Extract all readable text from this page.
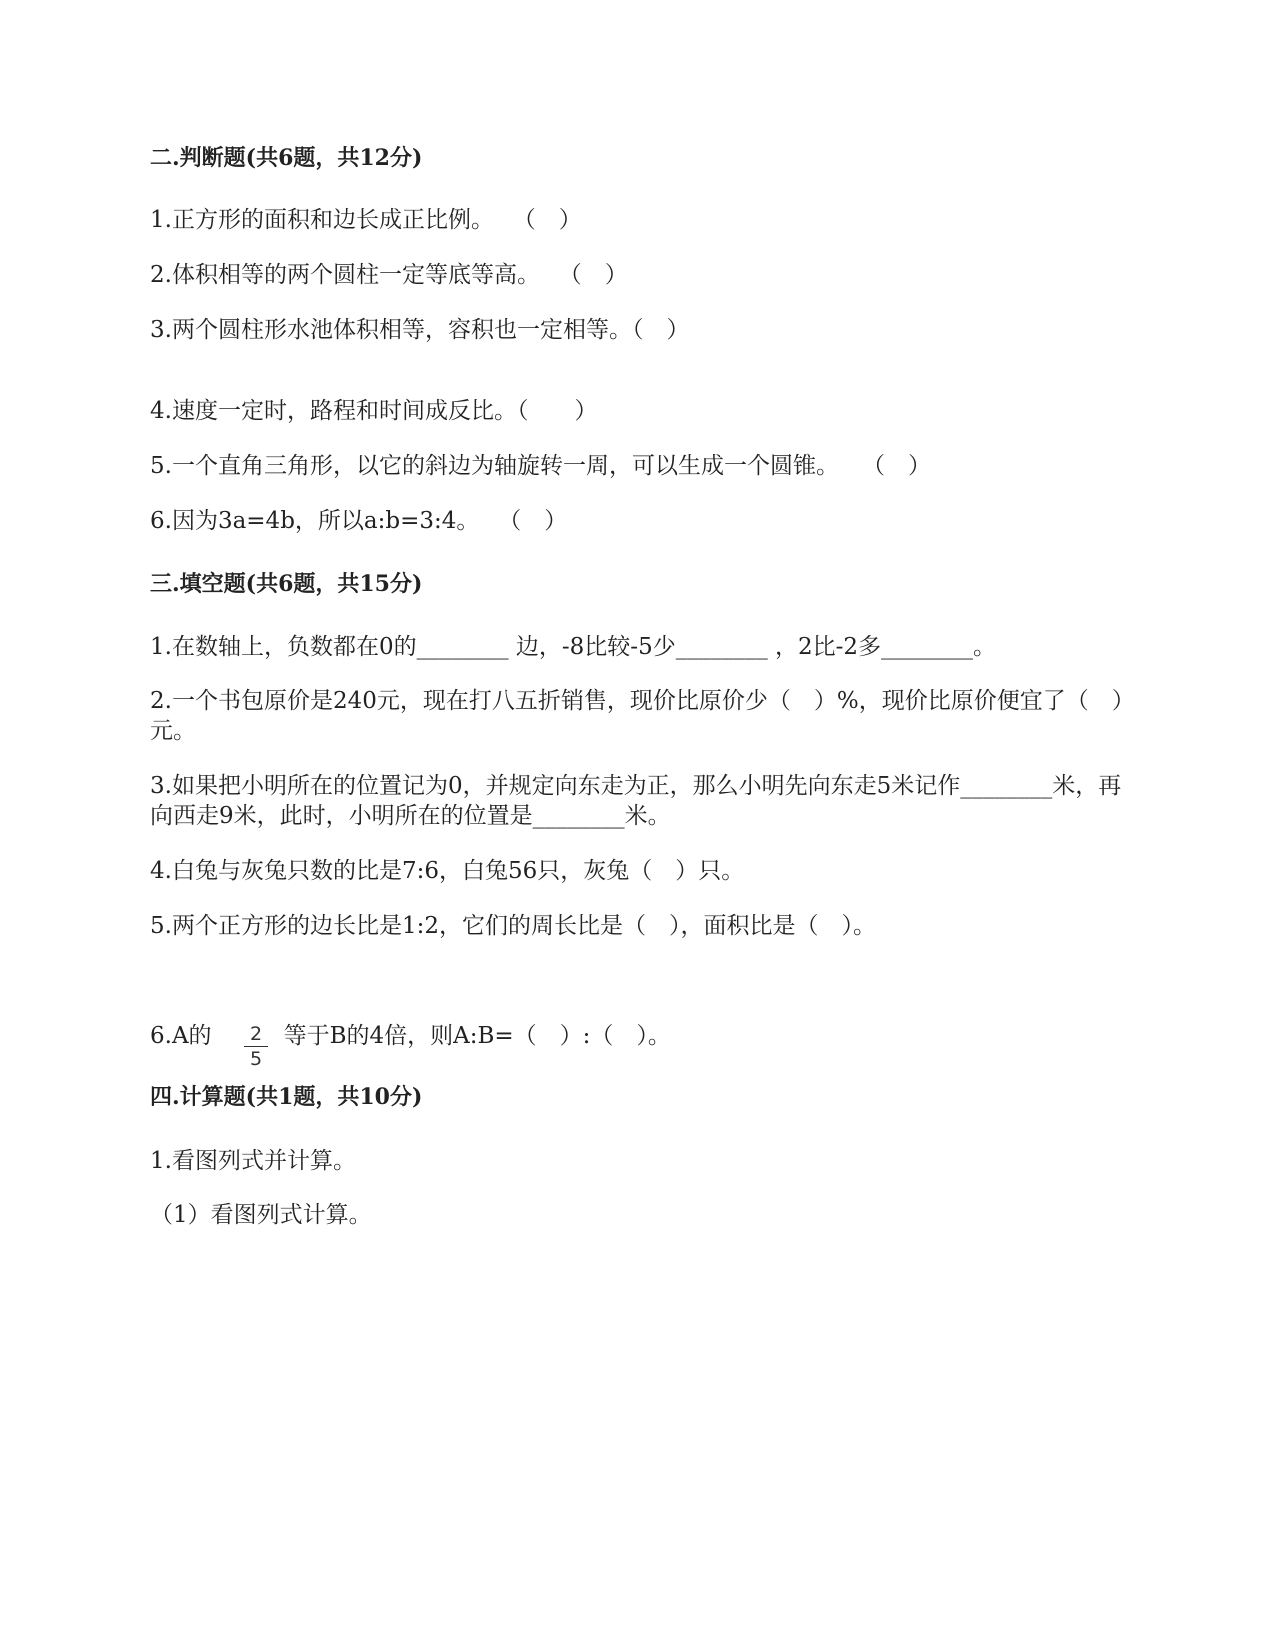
二.判断题(共6题，共12分)

1.正方形的面积和边长成正比例。　 （　）

2.体积相等的两个圆柱一定等底等高。　 （　）

3.两个圆柱形水池体积相等，容积也一定相等。（　）

4.速度一定时，路程和时间成反比。（　　）

5.一个直角三角形，以它的斜边为轴旋转一周，可以生成一个圆锥。　　（　）

6.因为3a=4b，所以a:b=3:4。　 （　）

三.填空题(共6题，共15分)

1.在数轴上，负数都在0的________ 边，-8比较-5少________ ，2比-2多________。

2.一个书包原价是240元，现在打八五折销售，现价比原价少（　）%，现价比原价便宜了（　）元。

3.如果把小明所在的位置记为0，并规定向东走为正，那么小明先向东走5米记作________米，再向西走9米，此时，小明所在的位置是________米。

4.白兔与灰兔只数的比是7:6，白兔56只，灰兔（　）只。

5.两个正方形的边长比是1:2，它们的周长比是（　），面积比是（　）。

$\frac{2}{5}$

6.A的	等于B的4倍，则A:B=（　）:（　）。

四.计算题(共1题，共10分)

1.看图列式并计算。

（1）看图列式计算。
